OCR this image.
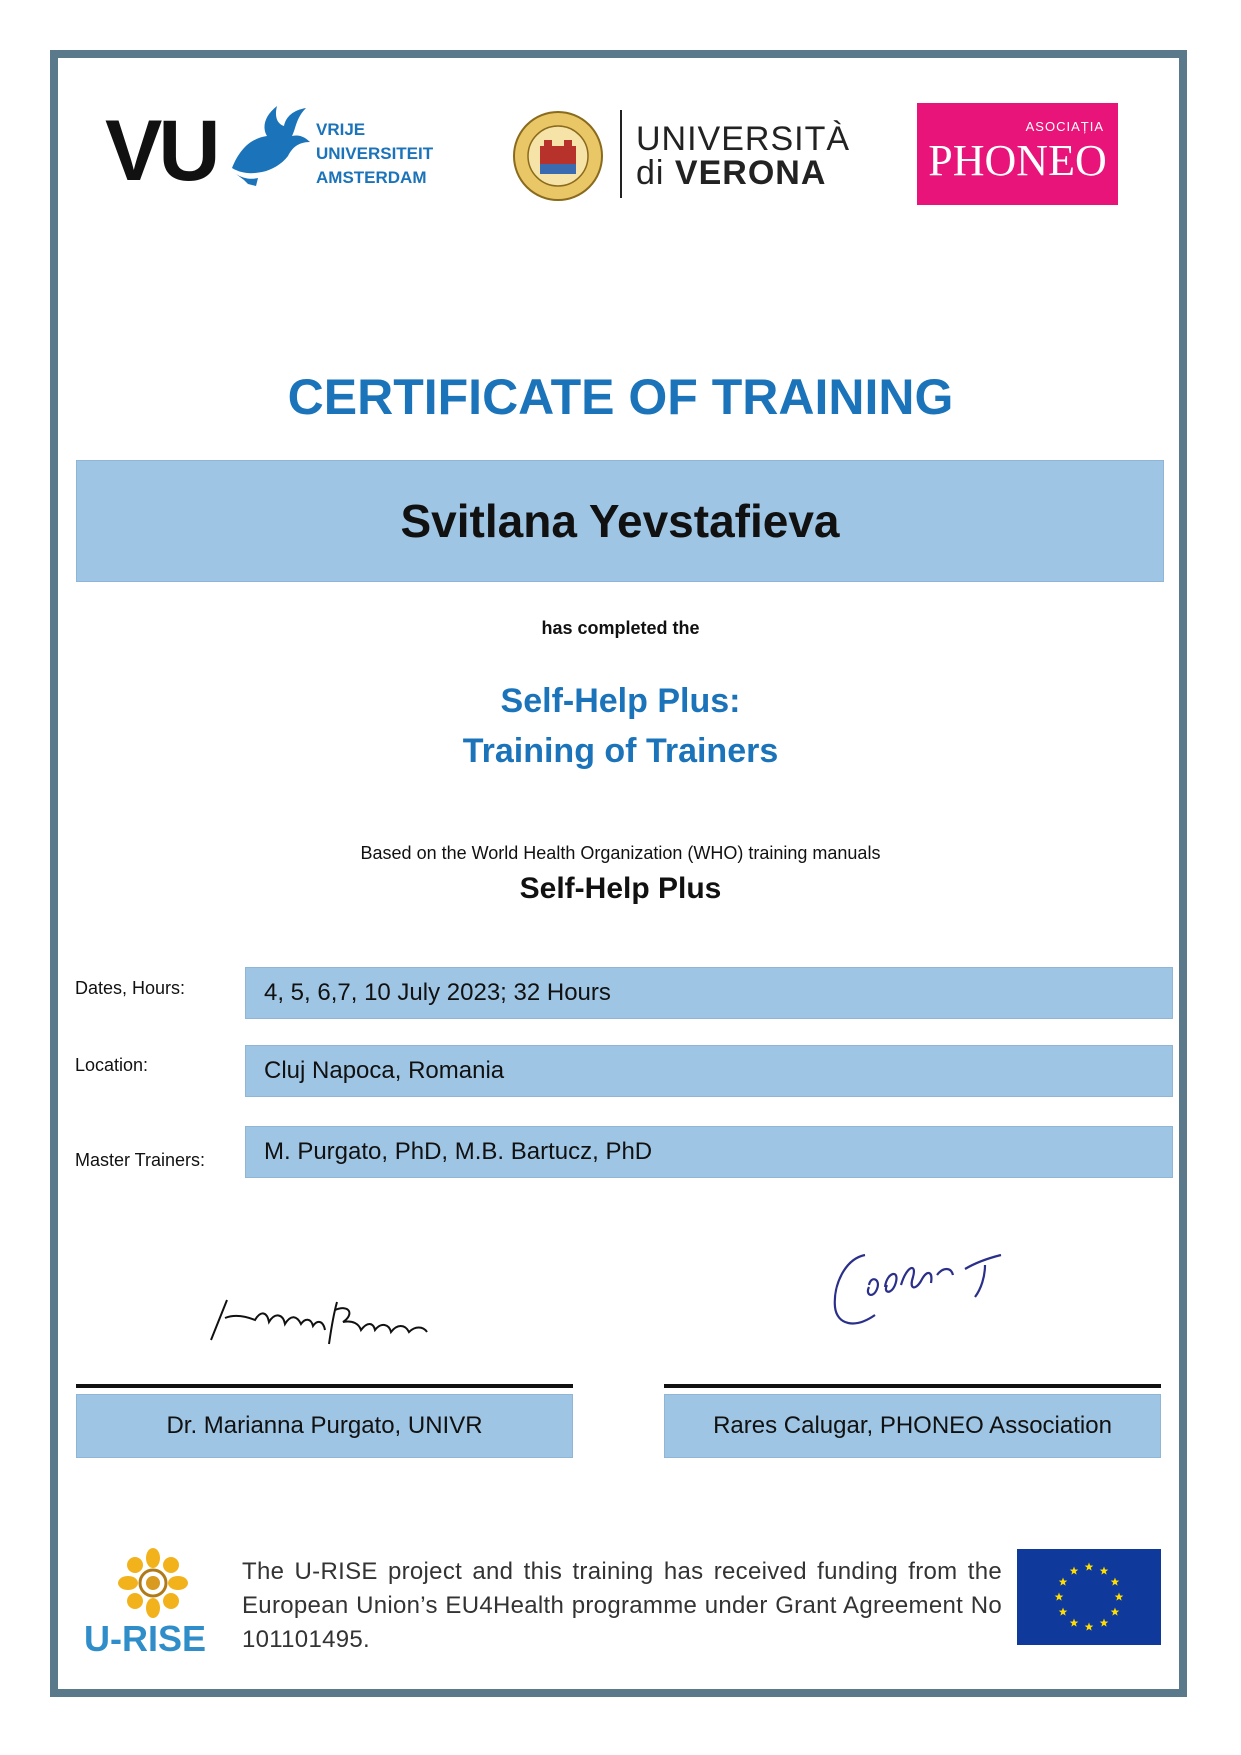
VU	VRIJE
UNIVERSITEIT
AMSTERDAM
UNIVERSITÀ
di VERONA
ASOCIAȚIA
PHONEO
CERTIFICATE OF TRAINING
Svitlana Yevstafieva
has completed the
Self-Help Plus:
Training of Trainers
Based on the World Health Organization (WHO) training manuals
Self-Help Plus
Dates, Hours:	4, 5, 6,7, 10 July 2023; 32 Hours
Location:	Cluj Napoca, Romania
Master Trainers: M. Purgato, PhD, M.B. Bartucz, PhD
Dr. Marianna Purgato, UNIVR	Rares Calugar, PHONEO Association
U-RISE
The U-RISE project and this training has received funding from the European Union’s EU4Health programme under Grant Agreement No 101101495.
